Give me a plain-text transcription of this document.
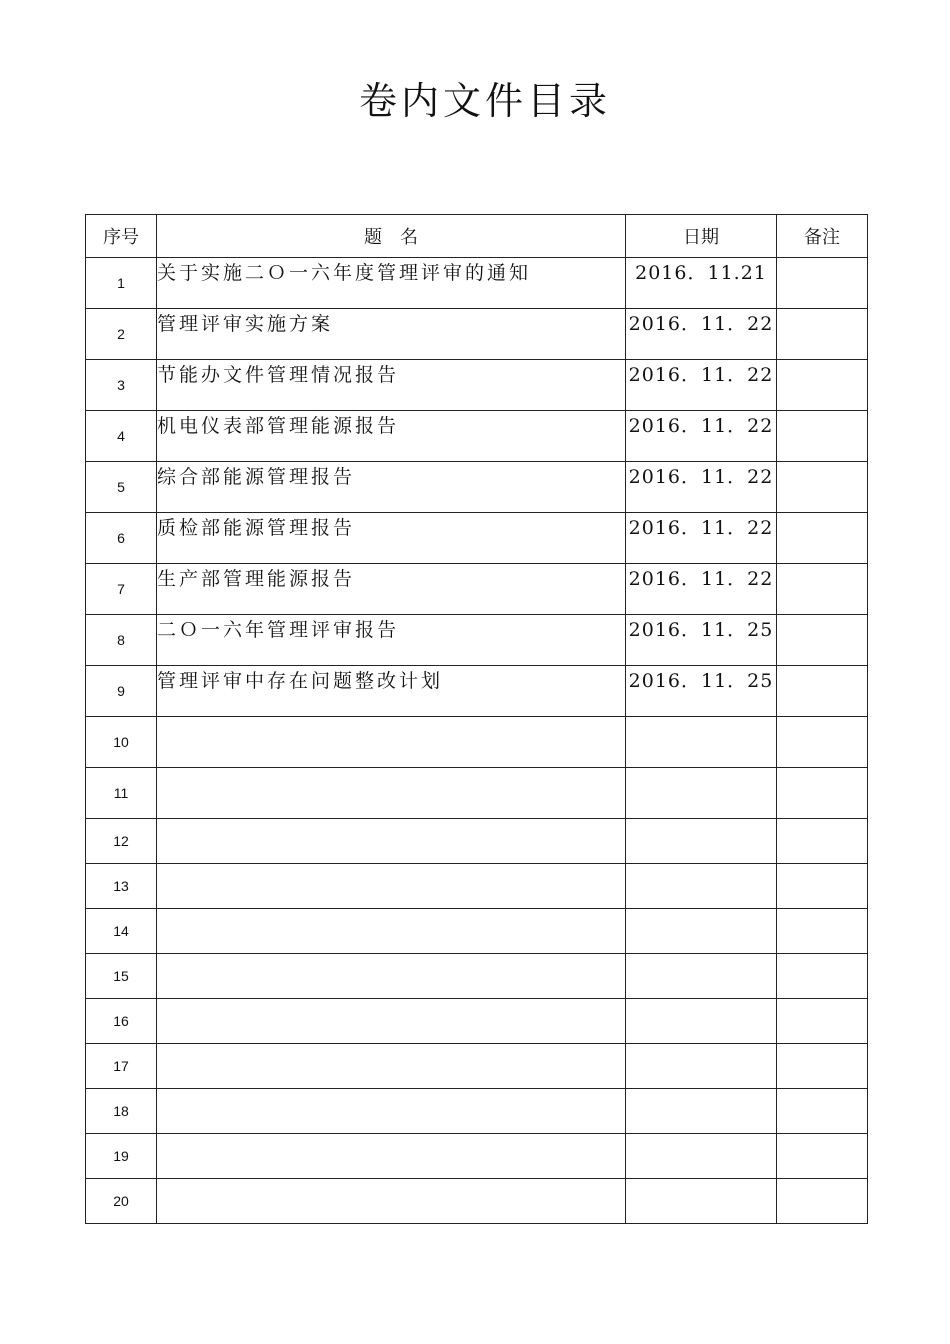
卷内文件目录
序号	题　名	日期	备注
1	关于实施二Ｏ一六年度管理评审的通知	2016．11.21	
2	管理评审实施方案	2016．11．22	
3	节能办文件管理情况报告	2016．11．22	
4	机电仪表部管理能源报告	2016．11．22	
5	综合部能源管理报告	2016．11．22	
6	质检部能源管理报告	2016．11．22	
7	生产部管理能源报告	2016．11．22	
8	二Ｏ一六年管理评审报告	2016．11．25	
9	管理评审中存在问题整改计划	2016．11．25	
10			
11			
12			
13			
14			
15			
16			
17			
18			
19			
20			
